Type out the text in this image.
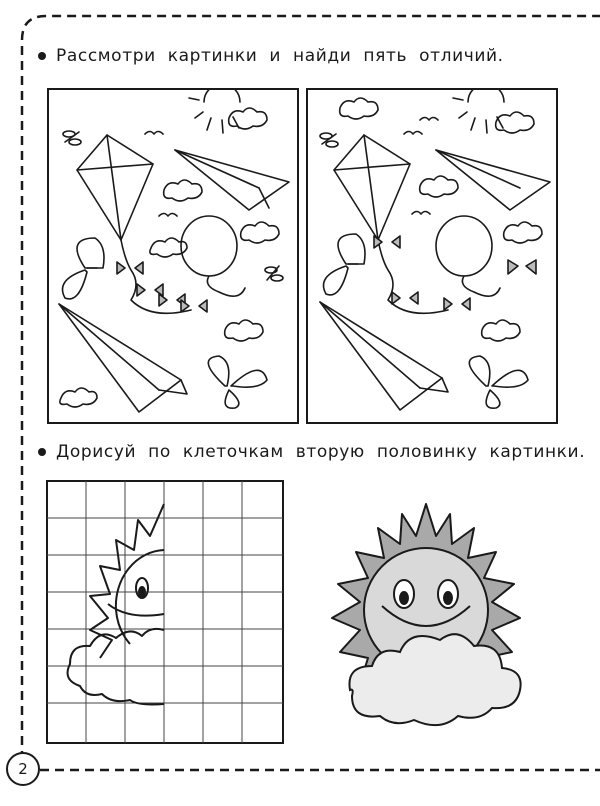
Рассмотри картинки и найди пять отличий.
Дорисуй по клеточкам вторую половинку картинки.
2
